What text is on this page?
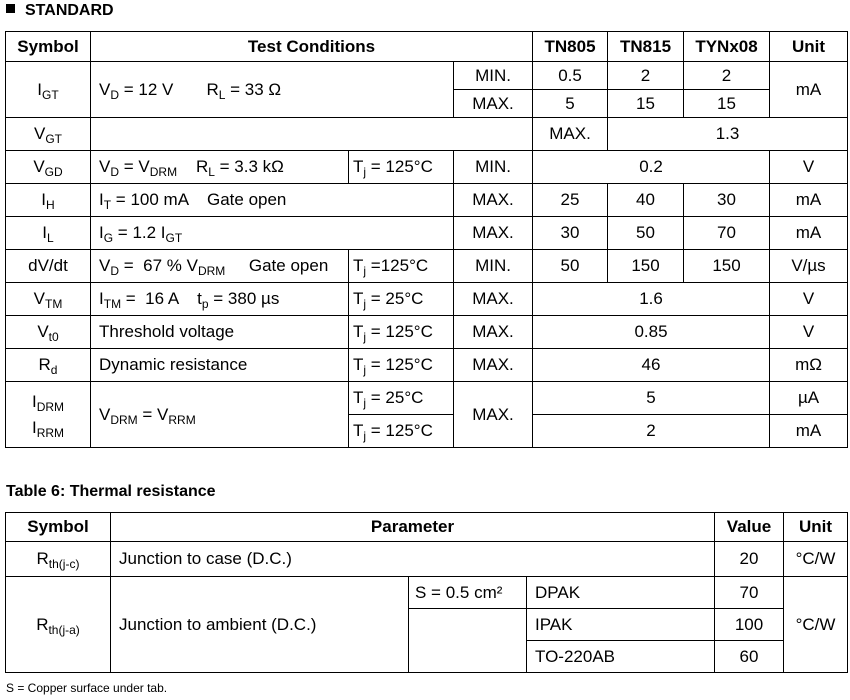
STANDARD
Symbol	Test Conditions			TN805	TN815	TYNx08	Unit	
$I_{GT}$	$V_D = 12$ V $R_L = 33$ Ω		MIN.	0.5	2	2	mA	
			MAX.	5	15	15		
$V_{GT}$				MAX.	1.3	
$V_{GD}$	$V_D = V_{DRM}$ $R_L = 3.3$ kΩ	$T_j = 125^\circ C$	MIN.	0.2			V	
$I_H$	$I_T = 100$ mA    Gate open		MAX.	25	40	30	mA	
$I_L$	$I_G = 1.2$ $I_{GT}$		MAX.	30	50	70	mA	
dV/dt	$V_D = 67$ % $V_{DRM}$     Gate open	$T_j =125^\circ C$	MIN.	50	150	150	V/µs	
$V_{TM}$	$I_{TM} = 16$ A    $t_p = 380$ µs	$T_j = 25^\circ C$	MAX.	1.6			V	
$V_{t0}$	Threshold voltage	$T_j = 125^\circ C$	MAX.	0.85			V	
$R_d$	Dynamic resistance	$T_j = 125^\circ C$	MAX.	46			mΩ	
$I_{DRM}$
$I_{RRM}$	$V_{DRM} = V_{RRM}$	$T_j = 25^\circ C$	MAX.	5			µA	
		$T_j = 125^\circ C$		2			mA	
Table 6: Thermal resistance
Symbol	Parameter			Value	Unit
$R_{th(j-c)}$	Junction to case (D.C.)			20	°C/W
$R_{th(j-a)}$	Junction to ambient (D.C.)	S = 0.5 cm²	DPAK	70	°C/W
			IPAK	100	
			TO-220AB	60	
S = Copper surface under tab.
